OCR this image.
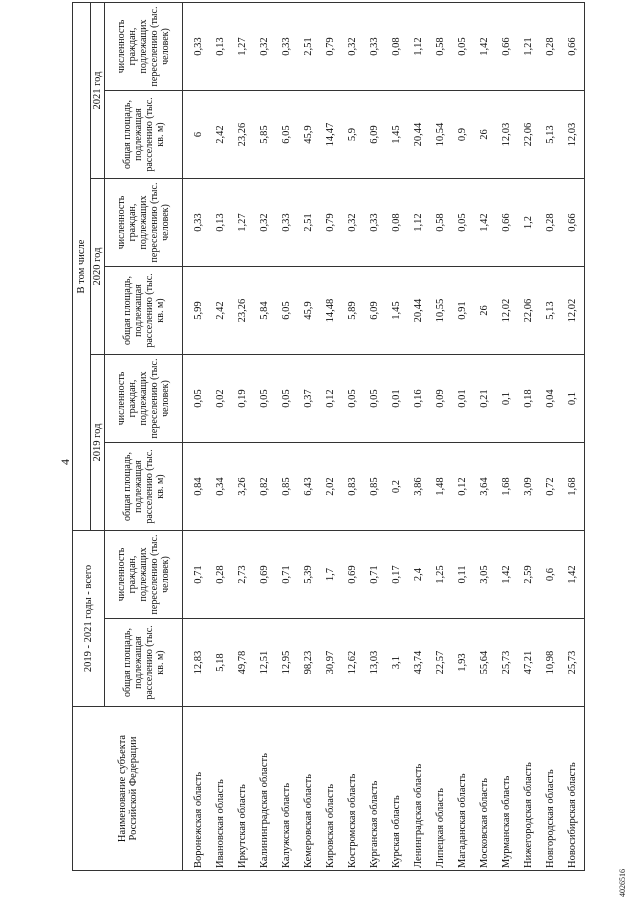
4
Наименование субъекта Российской Федерации	2019 - 2021 годы - всего		В том числе					
			2019 год		2020 год		2021 год	
	общая площадь, подлежащая расселению (тыс. кв. м)	численность граждан, подлежащих переселению (тыс. человек)	общая площадь, подлежащая расселению (тыс. кв. м)	численность граждан, подлежащих переселению (тыс. человек)	общая площадь, подлежащая расселению (тыс. кв. м)	численность граждан, подлежащих переселению (тыс. человек)	общая площадь, подлежащая расселению (тыс. кв. м)	численность граждан, подлежащих переселению (тыс. человек)
Воронежская область	12,83	0,71	0,84	0,05	5,99	0,33	6	0,33
Ивановская область	5,18	0,28	0,34	0,02	2,42	0,13	2,42	0,13
Иркутская область	49,78	2,73	3,26	0,19	23,26	1,27	23,26	1,27
Калининградская область	12,51	0,69	0,82	0,05	5,84	0,32	5,85	0,32
Калужская область	12,95	0,71	0,85	0,05	6,05	0,33	6,05	0,33
Кемеровская область	98,23	5,39	6,43	0,37	45,9	2,51	45,9	2,51
Кировская область	30,97	1,7	2,02	0,12	14,48	0,79	14,47	0,79
Костромская область	12,62	0,69	0,83	0,05	5,89	0,32	5,9	0,32
Курганская область	13,03	0,71	0,85	0,05	6,09	0,33	6,09	0,33
Курская область	3,1	0,17	0,2	0,01	1,45	0,08	1,45	0,08
Ленинградская область	43,74	2,4	3,86	0,16	20,44	1,12	20,44	1,12
Липецкая область	22,57	1,25	1,48	0,09	10,55	0,58	10,54	0,58
Магаданская область	1,93	0,11	0,12	0,01	0,91	0,05	0,9	0,05
Московская область	55,64	3,05	3,64	0,21	26	1,42	26	1,42
Мурманская область	25,73	1,42	1,68	0,1	12,02	0,66	12,03	0,66
Нижегородская область	47,21	2,59	3,09	0,18	22,06	1,2	22,06	1,21
Новгородская область	10,98	0,6	0,72	0,04	5,13	0,28	5,13	0,28
Новосибирская область	25,73	1,42	1,68	0,1	12,02	0,66	12,03	0,66
4026516
